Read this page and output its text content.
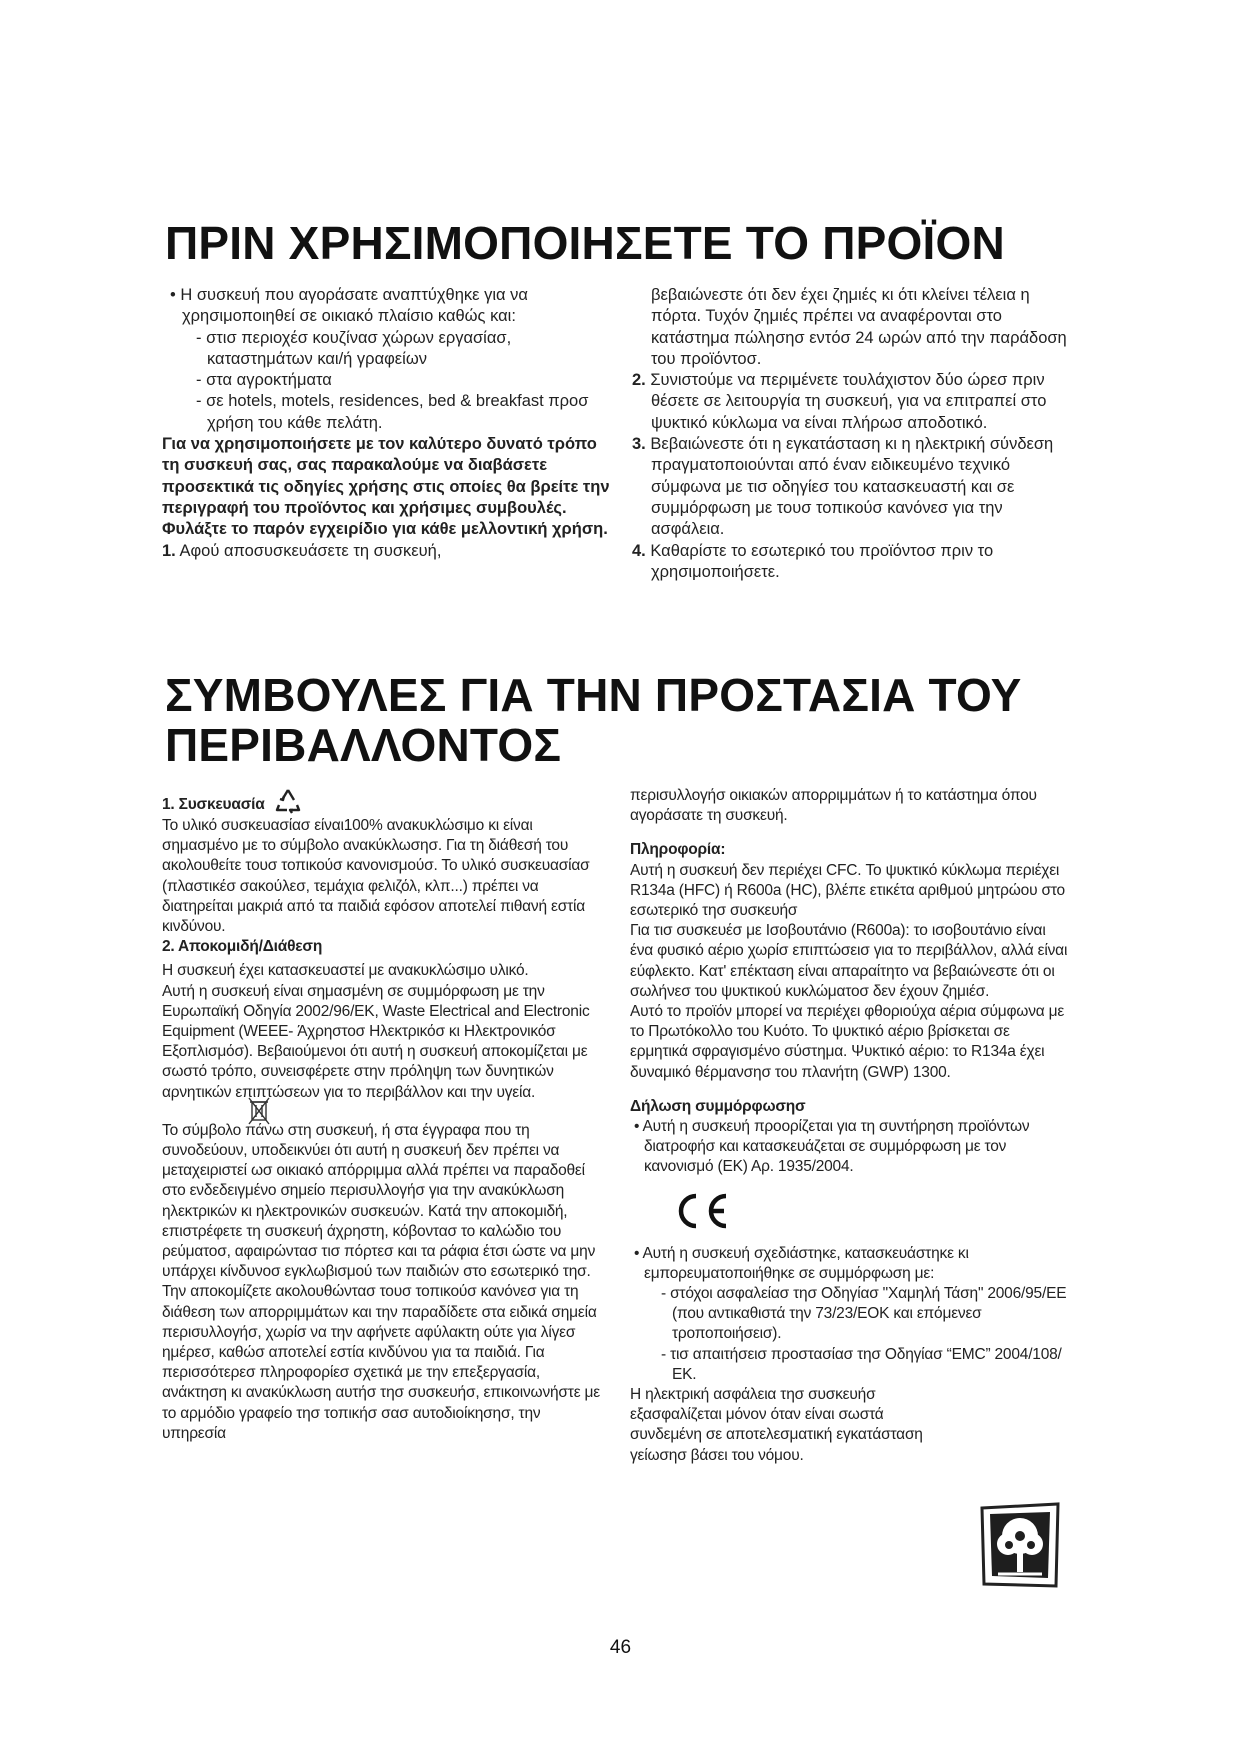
ΠΡΙΝ ΧΡΗΣΙΜΟΠΟΙΗΣΕΤΕ ΤΟ ΠΡΟΪΟΝ

• Η συσκευή που αγοράσατε αναπτύχθηκε για να χρησιμοποιηθεί σε οικιακό πλαίσιο καθώς και:

- στισ περιοχέσ κουζίνασ χώρων εργασίασ, καταστημάτων και/ή γραφείων

- στα αγροκτήματα

- σε hotels, motels, residences, bed & breakfast προσ χρήση του κάθε πελάτη.

Για να χρησιμοποιήσετε με τον καλύτερο δυνατό τρόπο τη συσκευή σας, σας παρακαλούμε να διαβάσετε προσεκτικά τις οδηγίες χρήσης στις οποίες θα βρείτε την περιγραφή του προϊόντος και χρήσιμες συμβουλές.

Φυλάξτε το παρόν εγχειρίδιο για κάθε μελλοντική χρήση.

1. Αφού αποσυσκευάσετε τη συσκευή,

βεβαιώνεστε ότι δεν έχει ζημιές κι ότι κλείνει τέλεια η πόρτα. Τυχόν ζημιές πρέπει να αναφέρονται στο κατάστημα πώλησησ εντόσ 24 ωρών από την παράδοση του προϊόντοσ.

2. Συνιστούμε να περιμένετε τουλάχιστον δύο ώρεσ πριν θέσετε σε λειτουργία τη συσκευή, για να επιτραπεί στο ψυκτικό κύκλωμα να είναι πλήρωσ αποδοτικό.

3. Βεβαιώνεστε ότι η εγκατάσταση κι η ηλεκτρική σύνδεση πραγματοποιούνται από έναν ειδικευμένο τεχνικό σύμφωνα με τισ οδηγίεσ του κατασκευαστή και σε συμμόρφωση με τουσ τοπικούσ κανόνεσ για την ασφάλεια.

4. Καθαρίστε το εσωτερικό του προϊόντοσ πριν το χρησιμοποιήσετε.

ΣΥΜΒΟΥΛΕΣ ΓΙΑ ΤΗΝ ΠΡΟΣΤΑΣΙΑ ΤΟΥ
ΠΕΡΙΒΑΛΛΟΝΤΟΣ

1. Συσκευασία

Το υλικό συσκευασίασ είναι100% ανακυκλώσιμο κι είναι σημασμένο με το σύμβολο ανακύκλωσησ. Για τη διάθεσή του ακολουθείτε τουσ τοπικούσ κανονισμούσ. Το υλικό συσκευασίασ (πλαστικέσ σακούλεσ, τεμάχια φελιζόλ, κλπ...) πρέπει να διατηρείται μακριά από τα παιδιά εφόσον αποτελεί πιθανή εστία κινδύνου.

2. Αποκομιδή/Διάθεση

Η συσκευή έχει κατασκευαστεί με ανακυκλώσιμο υλικό.

Αυτή η συσκευή είναι σημασμένη σε συμμόρφωση με την Ευρωπαϊκή Οδηγία 2002/96/ΕΚ, Waste Electrical and Electronic Equipment (WEEE- Άχρηστοσ Ηλεκτρικόσ κι Ηλεκτρονικόσ Εξοπλισμόσ). Βεβαιούμενοι ότι αυτή η συσκευή αποκομίζεται με σωστό τρόπο, συνεισφέρετε στην πρόληψη των δυνητικών αρνητικών επιπτώσεων για το περιβάλλον και την υγεία.

Το σύμβολο πάνω στη συσκευή, ή στα έγγραφα που τη συνοδεύουν, υποδεικνύει ότι αυτή η συσκευή δεν πρέπει να μεταχειριστεί ωσ οικιακό απόρριμμα αλλά πρέπει να παραδοθεί στο ενδεδειγμένο σημείο περισυλλογήσ για την ανακύκλωση ηλεκτρικών κι ηλεκτρονικών συσκευών. Κατά την αποκομιδή, επιστρέφετε τη συσκευή άχρηστη, κόβοντασ το καλώδιο του ρεύματοσ, αφαιρώντασ τισ πόρτεσ και τα ράφια έτσι ώστε να μην υπάρχει κίνδυνοσ εγκλωβισμού των παιδιών στο εσωτερικό τησ.

Την αποκομίζετε ακολουθώντασ τουσ τοπικούσ κανόνεσ για τη διάθεση των απορριμμάτων και την παραδίδετε στα ειδικά σημεία περισυλλογήσ, χωρίσ να την αφήνετε αφύλακτη ούτε για λίγεσ ημέρεσ, καθώσ αποτελεί εστία κινδύνου για τα παιδιά. Για περισσότερεσ πληροφορίεσ σχετικά με την επεξεργασία, ανάκτηση κι ανακύκλωση αυτήσ τησ συσκευήσ, επικοινωνήστε με το αρμόδιο γραφείο τησ τοπικήσ σασ αυτοδιοίκησησ, την υπηρεσία

περισυλλογήσ οικιακών απορριμμάτων ή το κατάστημα όπου αγοράσατε τη συσκευή.

Πληροφορία:

Αυτή η συσκευή δεν περιέχει CFC. Το ψυκτικό κύκλωμα περιέχει R134a (HFC) ή R600a (HC), βλέπε ετικέτα αριθμού μητρώου στο εσωτερικό τησ συσκευήσ

Για τισ συσκευέσ με Ισοβουτάνιο (R600a): το ισοβουτάνιο είναι ένα φυσικό αέριο χωρίσ επιπτώσεισ για το περιβάλλον, αλλά είναι εύφλεκτο. Κατ' επέκταση είναι απαραίτητο να βεβαιώνεστε ότι οι σωλήνεσ του ψυκτικού κυκλώματοσ δεν έχουν ζημιέσ.

Αυτό το προϊόν μπορεί να περιέχει φθοριούχα αέρια σύμφωνα με το Πρωτόκολλο του Κυότο. Το ψυκτικό αέριο βρίσκεται σε ερμητικά σφραγισμένο σύστημα. Ψυκτικό αέριο: το R134a έχει δυναμικό θέρμανσησ του πλανήτη (GWP) 1300.

Δήλωση συμμόρφωσησ

• Αυτή η συσκευή προορίζεται για τη συντήρηση προϊόντων διατροφήσ και κατασκευάζεται σε συμμόρφωση με τον κανονισμό (ΕΚ) Αρ. 1935/2004.

• Αυτή η συσκευή σχεδιάστηκε, κατασκευάστηκε κι εμπορευματοποιήθηκε σε συμμόρφωση με:

- στόχοι ασφαλείασ τησ Οδηγίασ "Χαμηλή Τάση" 2006/95/ΕΕ (που αντικαθιστά την 73/23/ΕΟΚ και επόμενεσ τροποποιήσεισ).

- τισ απαιτήσεισ προστασίασ τησ Οδηγίασ “EMC” 2004/108/ΕΚ.

Η ηλεκτρική ασφάλεια τησ συσκευήσ εξασφαλίζεται μόνον όταν είναι σωστά συνδεμένη σε αποτελεσματική εγκατάσταση γείωσησ βάσει του νόμου.

46
